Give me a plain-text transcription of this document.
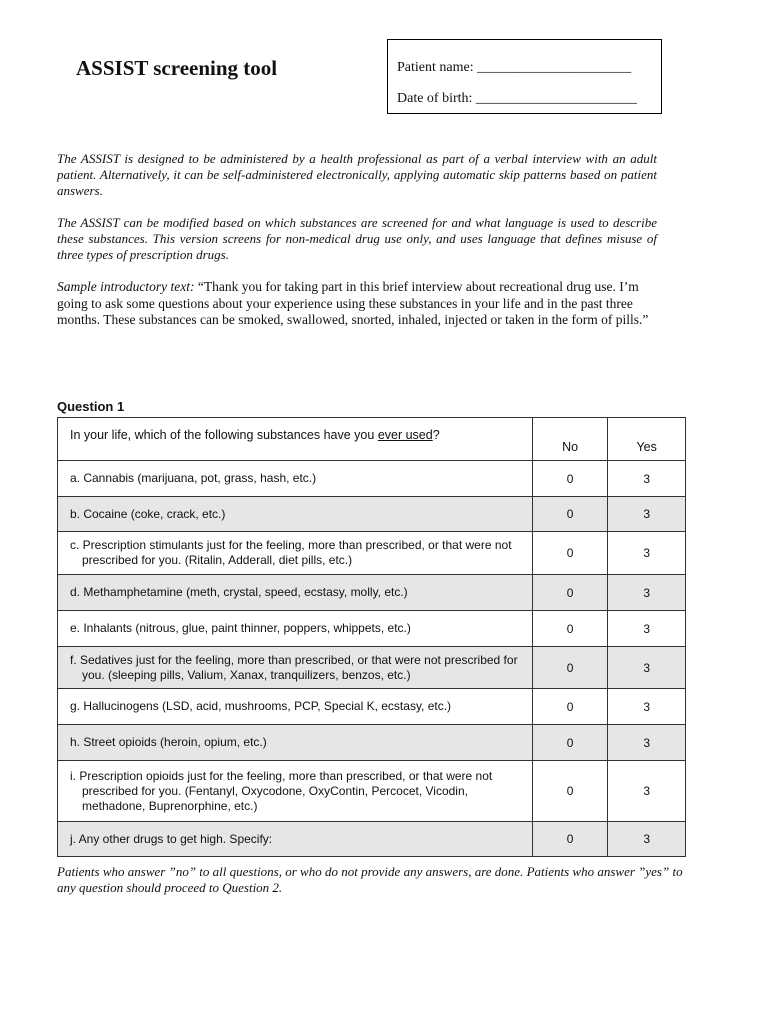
ASSIST screening tool	Patient name: ______________________
Date of birth: _______________________

The ASSIST is designed to be administered by a health professional as part of a verbal interview with an adult patient. Alternatively, it can be self-administered electronically, applying automatic skip patterns based on patient answers.

The ASSIST can be modified based on which substances are screened for and what language is used to describe these substances. This version screens for non-medical drug use only, and uses language that defines misuse of three types of prescription drugs.

Sample introductory text: “Thank you for taking part in this brief interview about recreational drug use. I’m going to ask some questions about your experience using these substances in your life and in the past three months. These substances can be smoked, swallowed, snorted, inhaled, injected or taken in the form of pills.”

Question 1

In your life, which of the following substances have you ever used?	No	Yes

a. Cannabis (marijuana, pot, grass, hash, etc.)	0	3

b. Cocaine (coke, crack, etc.)	0	3

c. Prescription stimulants just for the feeling, more than prescribed, or that were not prescribed for you. (Ritalin, Adderall, diet pills, etc.)	0	3

d. Methamphetamine (meth, crystal, speed, ecstasy, molly, etc.)	0	3

e. Inhalants (nitrous, glue, paint thinner, poppers, whippets, etc.)	0	3

f. Sedatives just for the feeling, more than prescribed, or that were not prescribed for you. (sleeping pills, Valium, Xanax, tranquilizers, benzos, etc.)	0	3

g. Hallucinogens (LSD, acid, mushrooms, PCP, Special K, ecstasy, etc.)	0	3

h. Street opioids (heroin, opium, etc.)	0	3

i. Prescription opioids just for the feeling, more than prescribed, or that were not prescribed for you. (Fentanyl, Oxycodone, OxyContin, Percocet, Vicodin, methadone, Buprenorphine, etc.)	0	3

j. Any other drugs to get high. Specify:	0	3

Patients who answer ”no” to all questions, or who do not provide any answers, are done. Patients who answer ”yes” to any question should proceed to Question 2.
